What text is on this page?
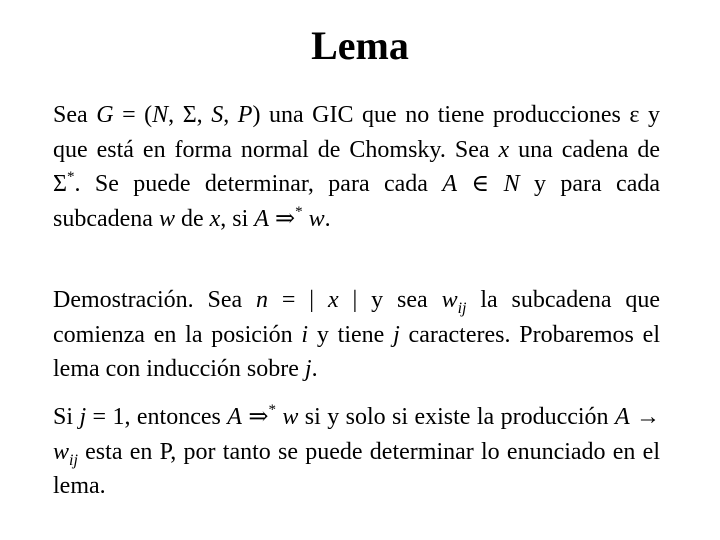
Lema

Sea G = (N, Σ, S, P) una GIC que no tiene producciones ε y que está en forma normal de Chomsky. Sea x una cadena de Σ*. Se puede determinar, para cada A ∈ N y para cada subcadena w de x, si A ⇒* w.

Demostración. Sea n = | x | y sea $w_{ij}$ la subcadena que comienza en la posición i y tiene j caracteres. Probaremos el lema con inducción sobre j.

Si j = 1, entonces A ⇒* w si y solo si existe la producción $A \to w_{ij}$ esta en P, por tanto se puede determinar lo enunciado en el lema.
